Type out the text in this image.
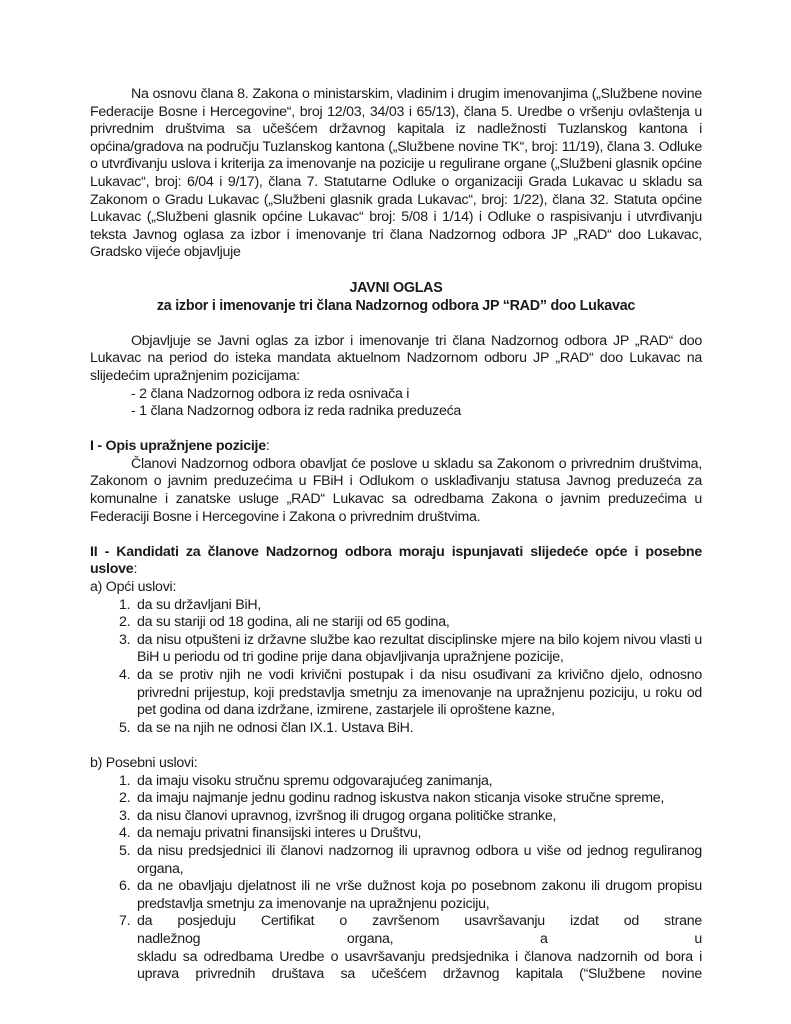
Na osnovu člana 8. Zakona o ministarskim, vladinim i drugim imenovanjima („Službene novine Federacije Bosne i Hercegovine“, broj 12/03, 34/03 i 65/13), člana 5. Uredbe o vršenju ovlaštenja u privrednim društvima sa učešćem državnog kapitala iz nadležnosti Tuzlanskog kantona i općina/gradova na području Tuzlanskog kantona („Službene novine TK“, broj: 11/19), člana 3. Odluke o utvrđivanju uslova i kriterija za imenovanje na pozicije u regulirane organe („Službeni glasnik općine Lukavac“, broj: 6/04 i 9/17), člana 7. Statutarne Odluke o organizaciji Grada Lukavac u skladu sa Zakonom o Gradu Lukavac („Službeni glasnik grada Lukavac“, broj: 1/22), člana 32. Statuta općine Lukavac („Službeni glasnik općine Lukavac“ broj: 5/08 i 1/14) i Odluke o raspisivanju i utvrđivanju teksta Javnog oglasa za izbor i imenovanje tri člana Nadzornog odbora JP „RAD“ doo Lukavac, Gradsko vijeće objavljuje

JAVNI OGLAS

za izbor i imenovanje tri člana Nadzornog odbora JP “RAD” doo Lukavac

Objavljuje se Javni oglas za izbor i imenovanje tri člana Nadzornog odbora JP „RAD“ doo Lukavac na period do isteka mandata aktuelnom Nadzornom odboru JP „RAD“ doo Lukavac na slijedećim upražnjenim pozicijama:

- 2 člana Nadzornog odbora iz reda osnivača i
- 1 člana Nadzornog odbora iz reda radnika preduzeća

I - Opis upražnjene pozicije:

Članovi Nadzornog odbora obavljat će poslove u skladu sa Zakonom o privrednim društvima, Zakonom o javnim preduzećima u FBiH i Odlukom o usklađivanju statusa Javnog preduzeća za komunalne i zanatske usluge „RAD“ Lukavac sa odredbama Zakona o javnim preduzećima u Federaciji Bosne i Hercegovine i Zakona o privrednim društvima.

II - Kandidati za članove Nadzornog odbora moraju ispunjavati slijedeće opće i posebne uslove:

a) Opći uslovi:

1. da su državljani BiH,
2. da su stariji od 18 godina, ali ne stariji od 65 godina,
3. da nisu otpušteni iz državne službe kao rezultat disciplinske mjere na bilo kojem nivou vlasti u BiH u periodu od tri godine prije dana objavljivanja upražnjene pozicije,
4. da se protiv njih ne vodi krivični postupak i da nisu osuđivani za krivično djelo, odnosno privredni prijestup, koji predstavlja smetnju za imenovanje na upražnjenu poziciju, u roku od pet godina od dana izdržane, izmirene, zastarjele ili oproštene kazne,
5. da se na njih ne odnosi član IX.1. Ustava BiH.

b) Posebni uslovi:

1. da imaju visoku stručnu spremu odgovarajućeg zanimanja,
2. da imaju najmanje jednu godinu radnog iskustva nakon sticanja visoke stručne spreme,
3. da nisu članovi upravnog, izvršnog ili drugog organa političke stranke,
4. da nemaju privatni finansijski interes u Društvu,
5. da nisu predsjednici ili članovi nadzornog ili upravnog odbora u više od jednog reguliranog organa,
6. da ne obavljaju djelatnost ili ne vrše dužnost koja po posebnom zakonu ili drugom propisu predstavlja smetnju za imenovanje na upražnjenu poziciju,
7. da posjeduju Certifikat o završenom usavršavanju izdat od strane
nadležnog organa, a u
skladu sa odredbama Uredbe o usavršavanju predsjednika i članova nadzornih od bora i uprava privrednih društava sa učešćem državnog kapitala (“Službene novine
